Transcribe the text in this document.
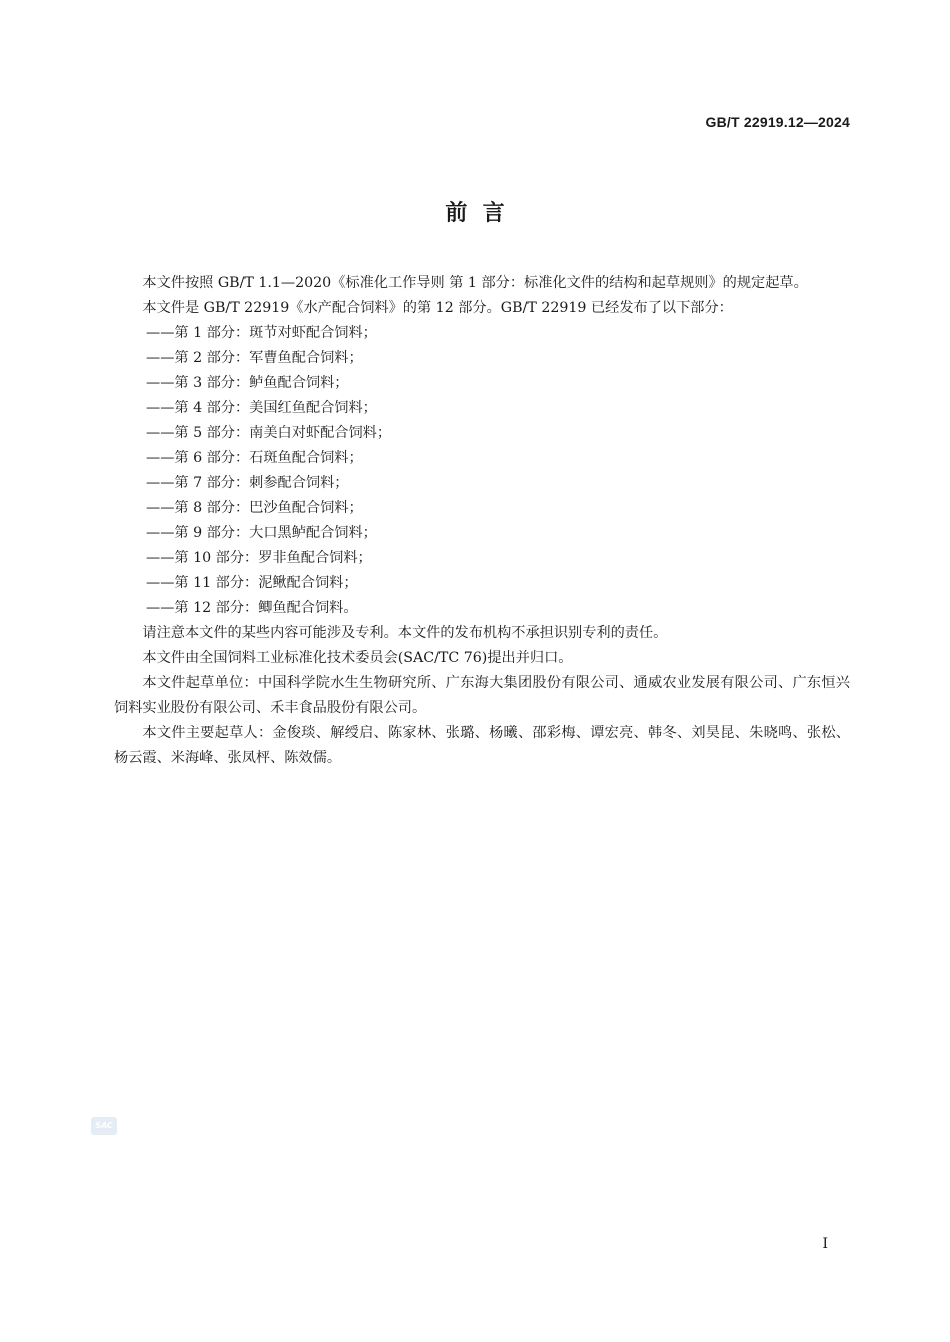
GB/T 22919.12—2024
前  言

本文件按照 GB/T 1.1—2020《标准化工作导则 第 1 部分：标准化文件的结构和起草规则》的规定起草。

本文件是 GB/T 22919《水产配合饲料》的第 12 部分。GB/T 22919 已经发布了以下部分：

——第 1 部分：斑节对虾配合饲料；

——第 2 部分：军曹鱼配合饲料；

——第 3 部分：鲈鱼配合饲料；

——第 4 部分：美国红鱼配合饲料；

——第 5 部分：南美白对虾配合饲料；

——第 6 部分：石斑鱼配合饲料；

——第 7 部分：刺参配合饲料；

——第 8 部分：巴沙鱼配合饲料；

——第 9 部分：大口黑鲈配合饲料；

——第 10 部分：罗非鱼配合饲料；

——第 11 部分：泥鳅配合饲料；

——第 12 部分：鲫鱼配合饲料。

请注意本文件的某些内容可能涉及专利。本文件的发布机构不承担识别专利的责任。

本文件由全国饲料工业标准化技术委员会(SAC/TC 76)提出并归口。

本文件起草单位：中国科学院水生生物研究所、广东海大集团股份有限公司、通威农业发展有限公司、广东恒兴饲料实业股份有限公司、禾丰食品股份有限公司。

本文件主要起草人：金俊琰、解绶启、陈家林、张璐、杨曦、邵彩梅、谭宏亮、韩冬、刘昊昆、朱晓鸣、张松、杨云霞、米海峰、张凤枰、陈效儒。

SAC
I
